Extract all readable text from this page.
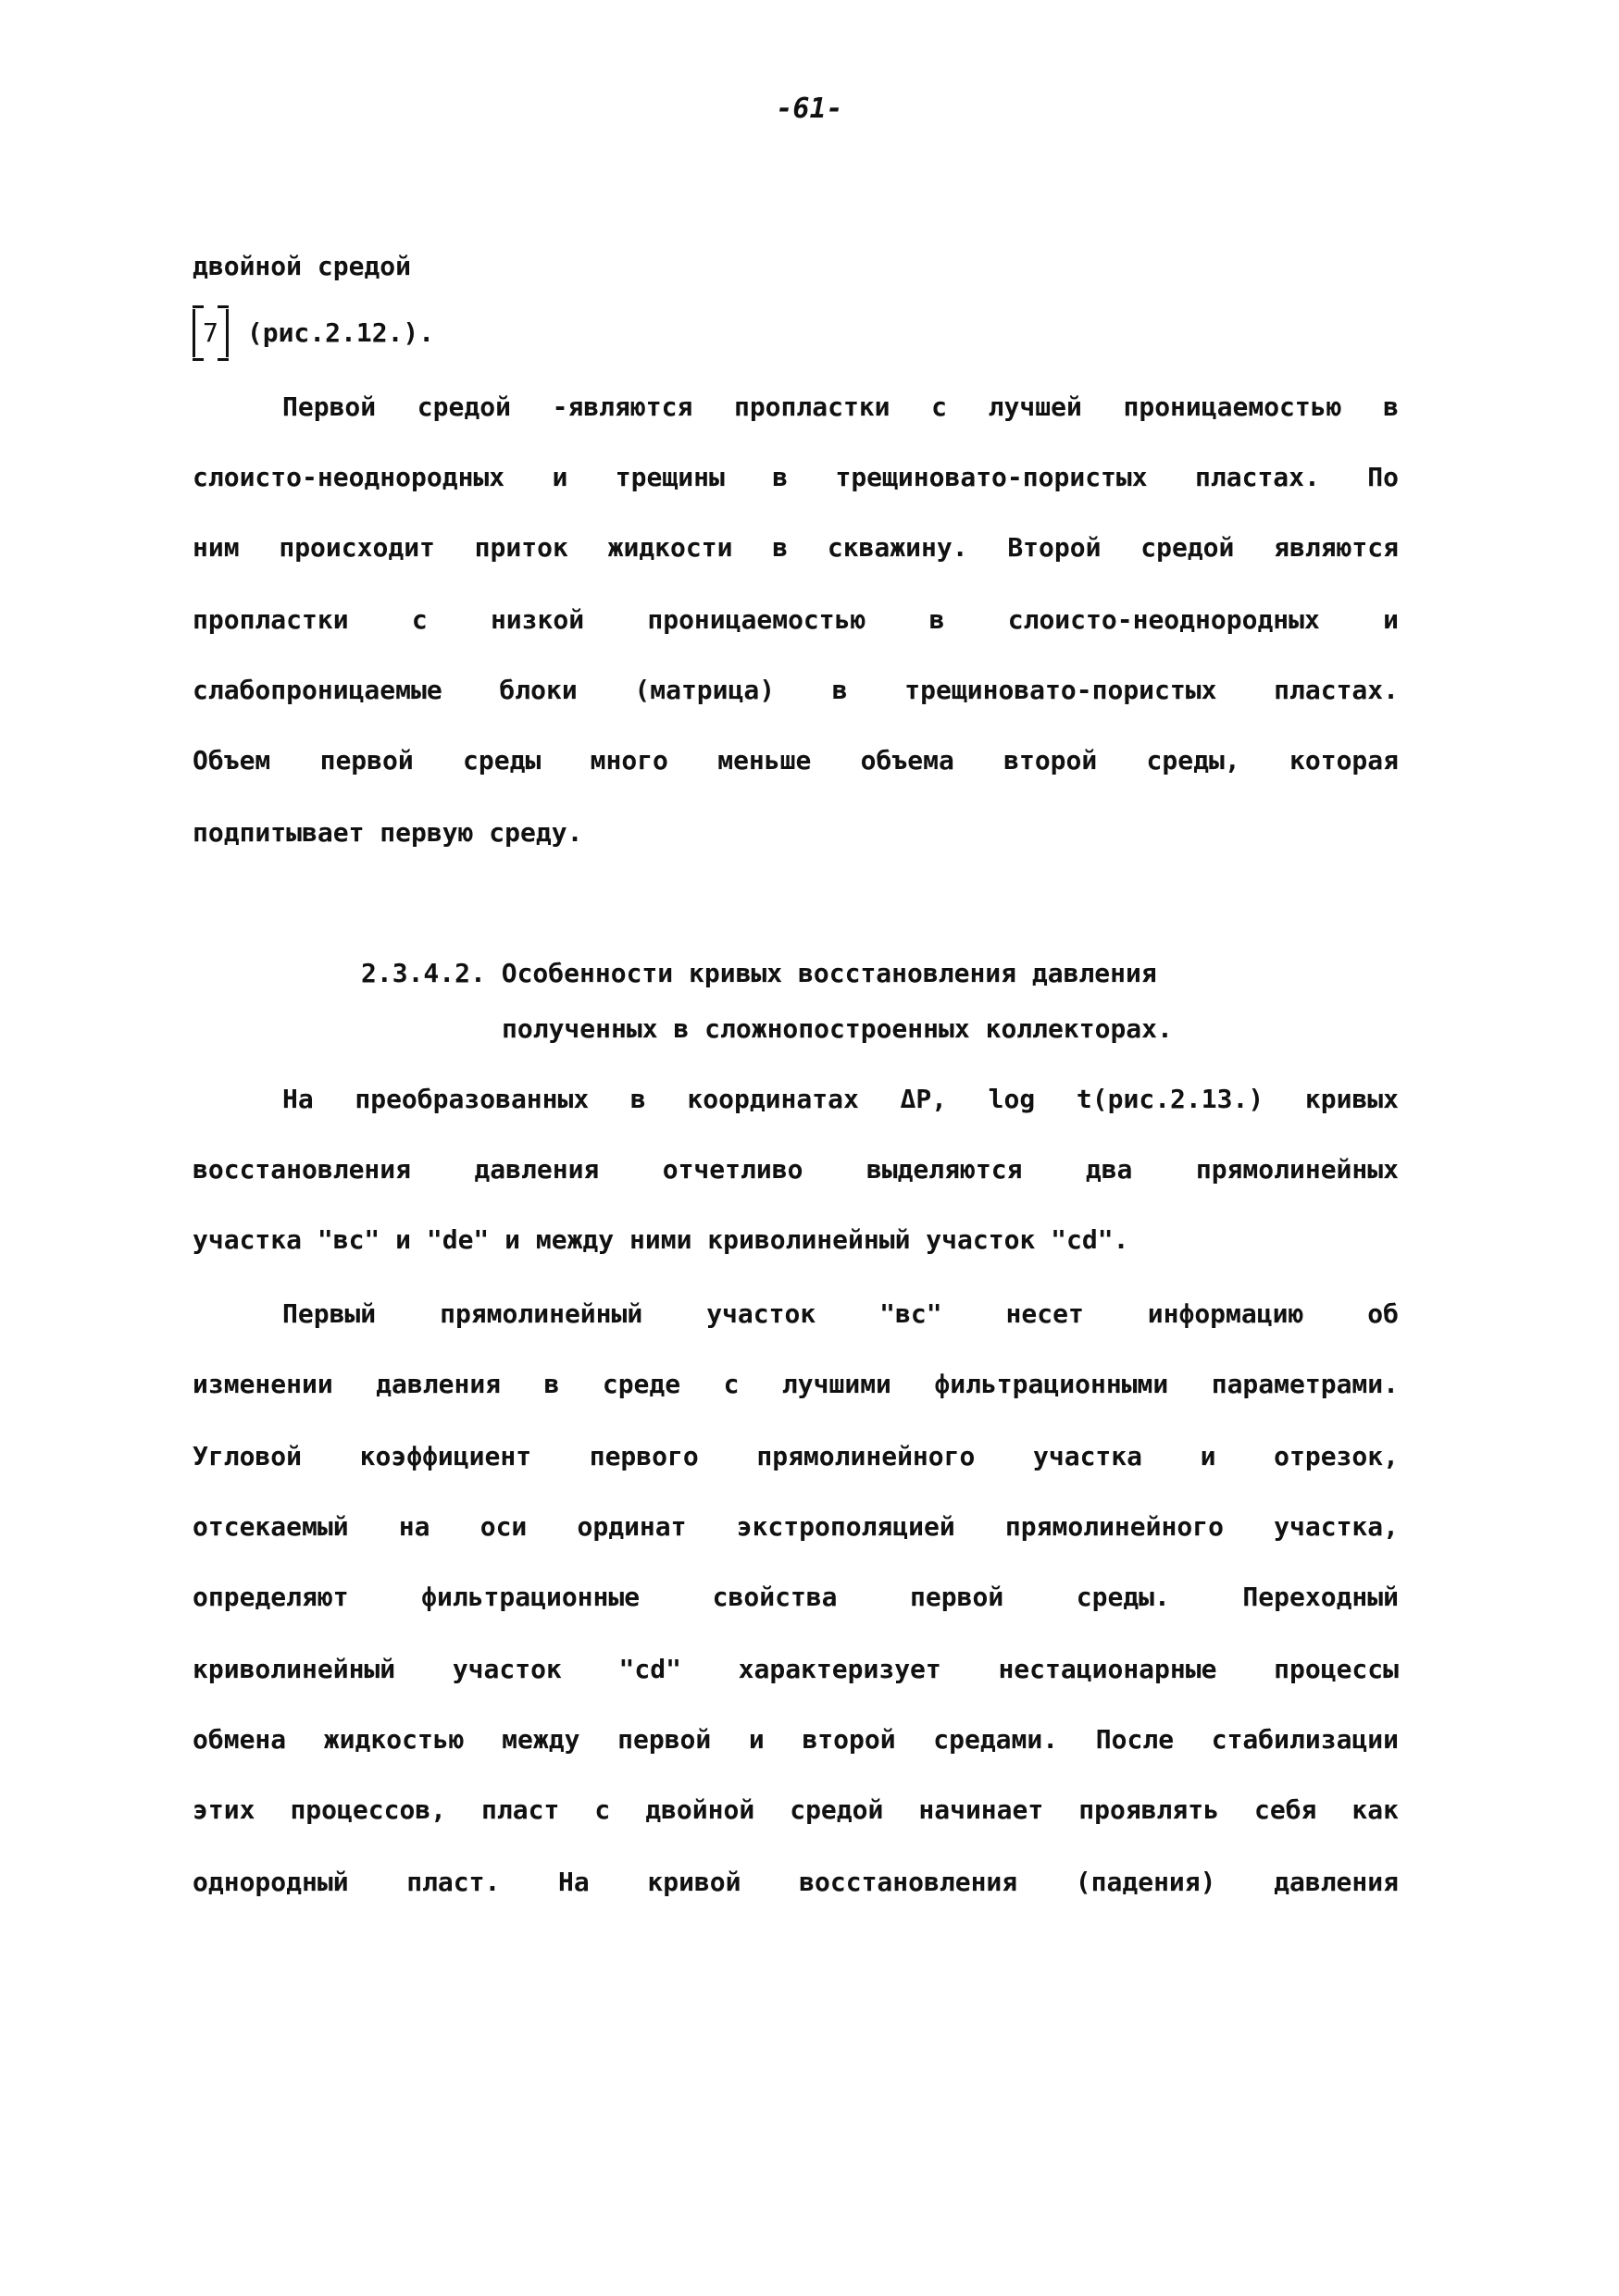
-61-
двойной средой
7 (рис.2.12.).
Первой средой -являются пропластки с лучшей проницаемостью в
слоисто-неоднородных и трещины в трещиновато-пористых пластах. По
ним происходит приток жидкости в скважину. Второй средой являются
пропластки с низкой проницаемостью в слоисто-неоднородных и
слабопроницаемые блоки (матрица) в трещиновато-пористых пластах.
Объем первой среды много меньше объема второй среды, которая
подпитывает первую среду.
2.3.4.2. Особенности кривых восстановления давления
полученных в сложнопостроенных коллекторах.
На преобразованных в координатах ΔP, log t(рис.2.13.) кривых
восстановления давления отчетливо выделяются два прямолинейных
участка "вс" и "de" и между ними криволинейный участок "cd".
Первый прямолинейный участок "вс" несет информацию об
изменении давления в среде с лучшими фильтрационными параметрами.
Угловой коэффициент первого прямолинейного участка и отрезок,
отсекаемый на оси ординат экстрополяцией прямолинейного участка,
определяют фильтрационные свойства первой среды. Переходный
криволинейный участок "cd" характеризует нестационарные процессы
обмена жидкостью между первой и второй средами. После стабилизации
этих процессов, пласт с двойной средой начинает проявлять себя как
однородный пласт. На кривой восстановления (падения) давления
